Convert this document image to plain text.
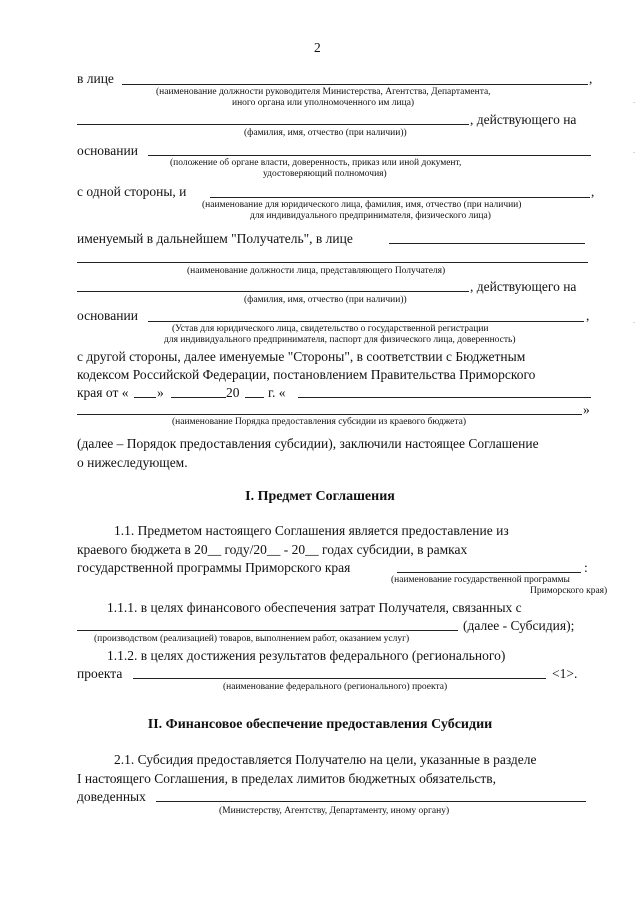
2
в лице	,
(наименование должности руководителя Министерства, Агентства, Департамента,
иного органа или уполномоченного им лица)
, действующего на
(фамилия, имя, отчество (при наличии))
основании
(положение об органе власти, доверенность, приказ или иной документ,
удостоверяющий полномочия)
с одной стороны, и	,
(наименование для юридического лица, фамилия, имя, отчество (при наличии)
для индивидуального предпринимателя, физического лица)
именуемый в дальнейшем "Получатель", в лице
(наименование должности лица, представляющего Получателя)
, действующего на
(фамилия, имя, отчество (при наличии))
основании	,
(Устав для юридического лица, свидетельство о государственной регистрации
для индивидуального предпринимателя, паспорт для физического лица, доверенность)
с другой стороны, далее именуемые "Стороны", в соответствии с Бюджетным
кодексом Российской Федерации, постановлением Правительства Приморского
края от « »	20 г. «
»
(наименование Порядка предоставления субсидии из краевого бюджета)
(далее – Порядок предоставления субсидии), заключили настоящее Соглашение
о нижеследующем.
I. Предмет Соглашения
1.1. Предметом настоящего Соглашения является предоставление из
краевого бюджета в 20__ году/20__ - 20__ годах субсидии, в рамках
государственной программы Приморского края	:
(наименование государственной программы
Приморского края)
1.1.1. в целях финансового обеспечения затрат Получателя, связанных с
(далее - Субсидия);
(производством (реализацией) товаров, выполнением работ, оказанием услуг)
1.1.2. в целях достижения результатов федерального (регионального)
проекта	<1>.
(наименование федерального (регионального) проекта)
II. Финансовое обеспечение предоставления Субсидии
2.1. Субсидия предоставляется Получателю на цели, указанные в разделе
I настоящего Соглашения, в пределах лимитов бюджетных обязательств,
доведенных
(Министерству, Агентству, Департаменту, иному органу)
·
·
·
